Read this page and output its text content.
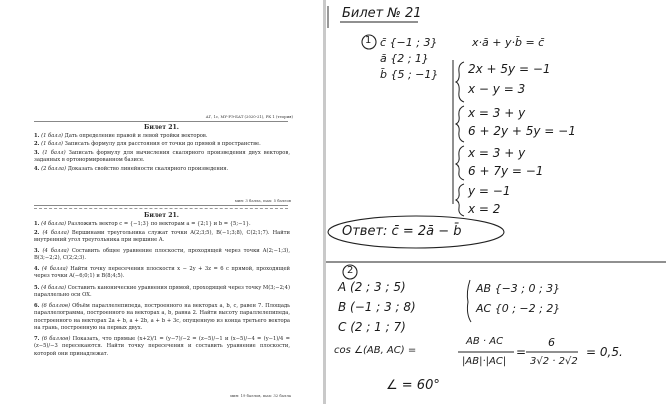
АГ, 1с, МУ-РЭ-БАТ (2020-21), РК 1 (теория)
Билет 21.
1. (1 балл) Дать определение правой и левой тройки векторов.
2. (1 балл) Записать формулу для расстояния от точки до прямой в пространстве.
3. (1 балл) Записать формулу для вычисления скалярного произведения двух векторов, заданных в ортонормированном базисе.
4. (2 балла) Доказать свойство линейности скалярного произведения.
мин: 3 балла, max: 5 баллов
Билет 21.
1. (4 балла) Разложить вектор c = {−1;3} по векторам a = {2;1} и b = {5;−1}.
2. (4 балла) Вершинами треугольника служат точки A(2;3;5), B(−1;3;8), C(2;1;7). Найти внутренний угол треугольника при вершине A.
3. (4 балла) Составить общее уравнение плоскости, проходящей через точки A(2;−1;3), B(3;−2;2), C(2;2;3).
4. (4 балла) Найти точку пересечения плоскости x − 2y + 3z = 6 с прямой, проходящей через точки A(−6;0;1) и B(8;4;5).
5. (4 балла) Составить канонические уравнения прямой, проходящей через точку M(3;−2;4) параллельно оси OX.
6. (6 баллов) Объём параллелепипеда, построенного на векторах a, b, c, равен 7. Площадь параллелограмма, построенного на векторах a, b, равна 2. Найти высоту параллелепипеда, построенного на векторах 2a + b, a + 2b, a + b + 3c, опущенную из конца третьего вектора на грань, построенную на первых двух.
7. (6 баллов) Показать, что прямые (x+2)/1 = (y−7)/−2 = (z−5)/−1 и (x−5)/−4 = (y−1)/4 = (z−5)/−3 пересекаются. Найти точку пересечения и составить уравнение плоскости, которой они принадлежат.
мин: 19 баллов, max: 32 балла
Билет № 21
1 c̄ {−1 ; 3}
ā {2 ; 1}
b̄ {5 ; −1}
x·ā + y·b̄ = c̄
2x + 5y = −1
x − y = 3
x = 3 + y
6 + 2y + 5y = −1
x = 3 + y
6 + 7y = −1
y = −1
x = 2
Ответ: c̄ = 2ā − b̄
2
A (2 ; 3 ; 5)
B (−1 ; 3 ; 8)
C (2 ; 1 ; 7)
AB {−3 ; 0 ; 3}
AC {0 ; −2 ; 2}
cos ∠(AB, AC) =
AB · AC
|AB|·|AC|
=
6
3√2 · 2√2
= 0,5.
∠ = 60°
